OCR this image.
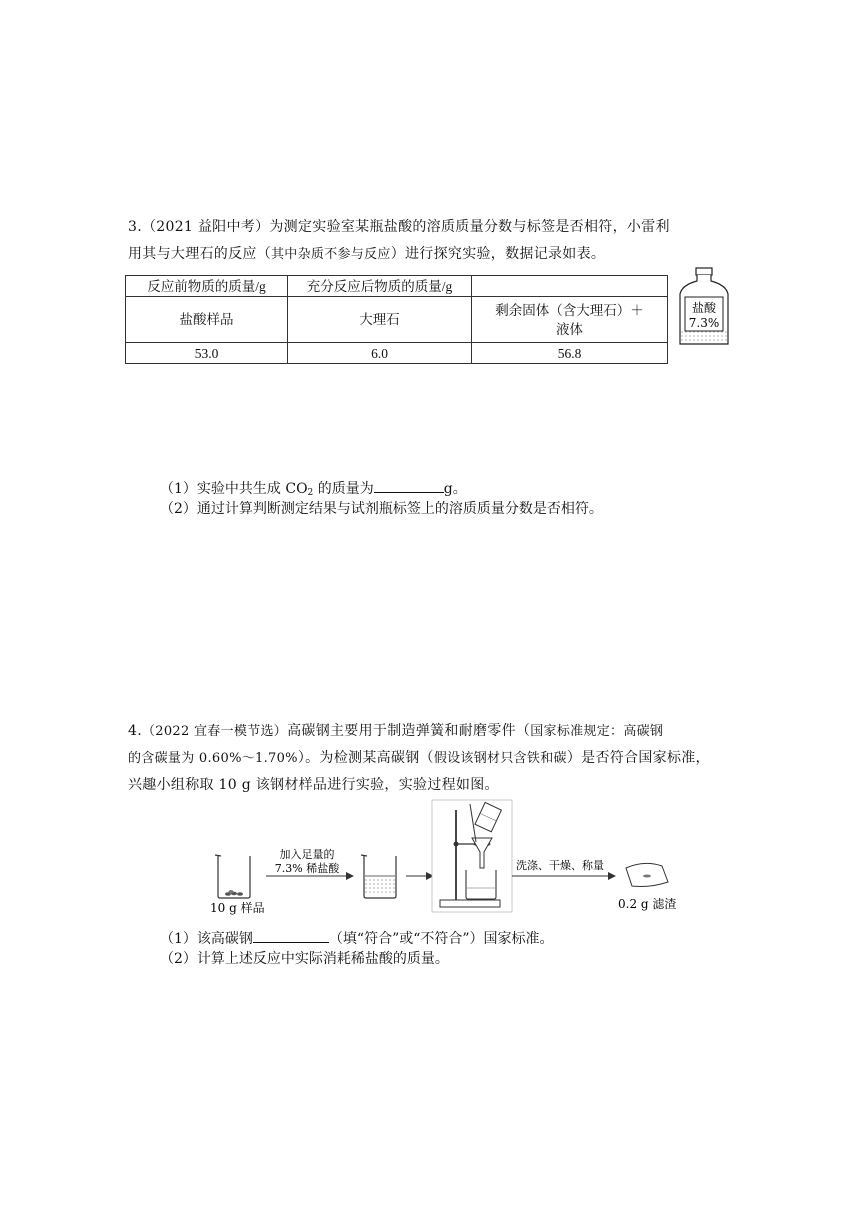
3.（2021 益阳中考）为测定实验室某瓶盐酸的溶质质量分数与标签是否相符，小雷利
用其与大理石的反应（其中杂质不参与反应）进行探究实验，数据记录如表。
反应前物质的质量/g	充分反应后物质的质量/g	
盐酸样品	大理石	剩余固体（含大理石）＋
液体
53.0	6.0	56.8
盐酸
7.3%
（1）实验中共生成 $CO_2$ 的质量为	g。
（2）通过计算判断测定结果与试剂瓶标签上的溶质质量分数是否相符。
4.（2022 宜春一模节选）高碳钢主要用于制造弹簧和耐磨零件（国家标准规定：高碳钢
的含碳量为 0.60%～1.70%）。为检测某高碳钢（假设该钢材只含铁和碳）是否符合国家标准，
兴趣小组称取 10 g 该钢材样品进行实验，实验过程如图。
10 g 样品
加入足量的
7.3% 稀盐酸	洗涤、干燥、称量
0.2 g 滤渣
（1）该高碳钢	（填“符合”或“不符合”）国家标准。
（2）计算上述反应中实际消耗稀盐酸的质量。
